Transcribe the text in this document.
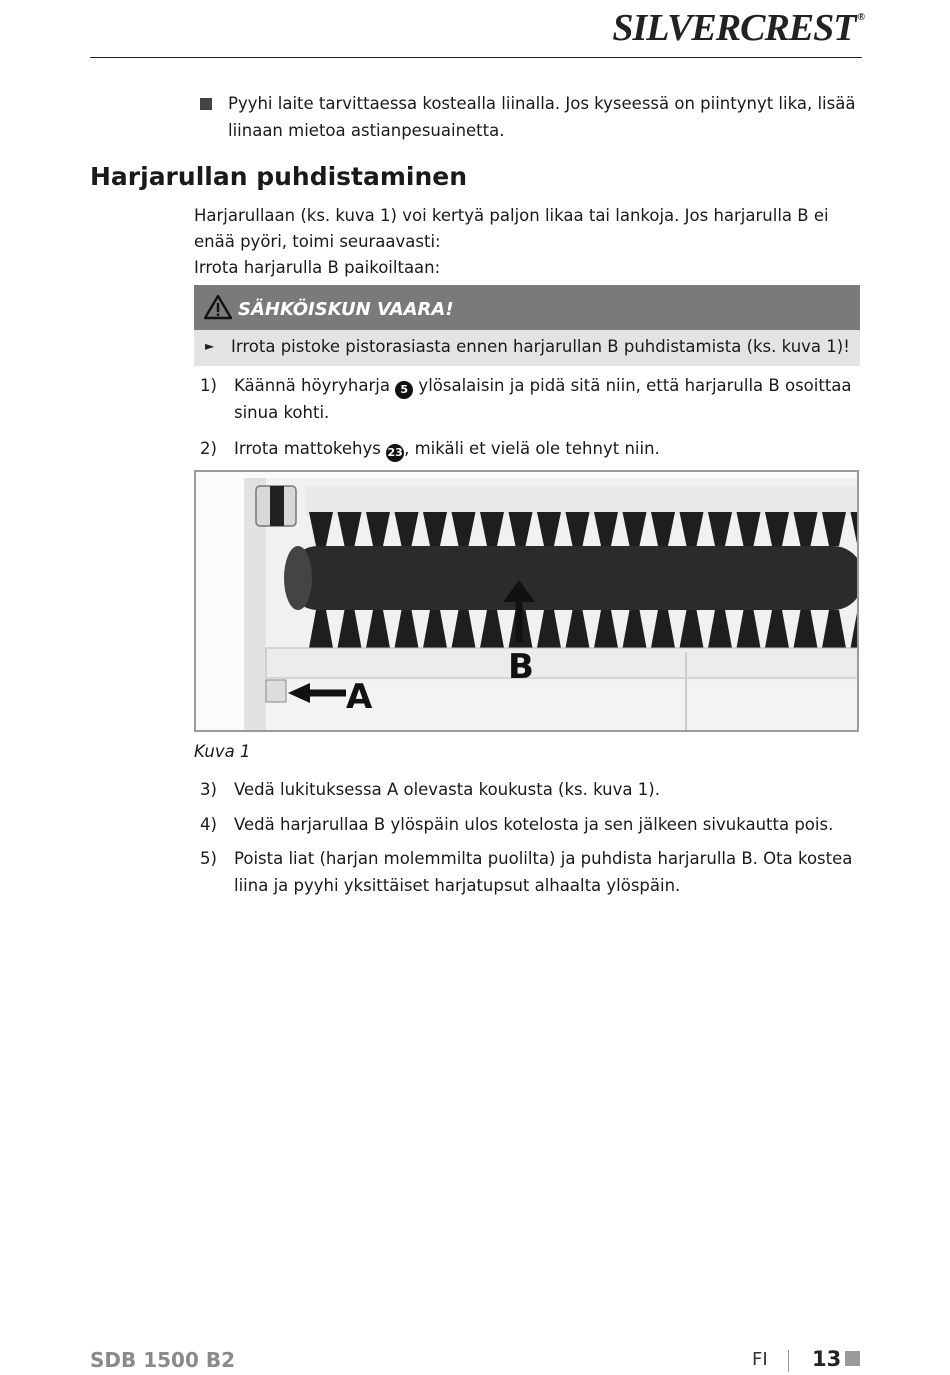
SILVERCREST ®
Pyyhi laite tarvittaessa kostealla liinalla. Jos kyseessä on piintynyt lika, lisää liinaan mietoa astianpesuainetta.
Harjarullan puhdistaminen

Harjarullaan (ks. kuva 1) voi kertyä paljon likaa tai lankoja. Jos harjarulla B ei enää pyöri, toimi seuraavasti:

Irrota harjarulla B paikoiltaan:

SÄHKÖISKUN VAARA!
► Irrota pistoke pistorasiasta ennen harjarullan B puhdistamista (ks. kuva 1)!
1) Käännä höyryharja 5 ylösalaisin ja pidä sitä niin, että harjarulla B osoittaa sinua kohti.
2) Irrota mattokehys 23, mikäli et vielä ole tehnyt niin.
B
A
Kuva 1
3) Vedä lukituksessa A olevasta koukusta (ks. kuva 1).
4) Vedä harjarullaa B ylöspäin ulos kotelosta ja sen jälkeen sivukautta pois.
5) Poista liat (harjan molemmilta puolilta) ja puhdista harjarulla B. Ota kostea liina ja pyyhi yksittäiset harjatupsut alhaalta ylöspäin.
SDB 1500 B2	FI 13
